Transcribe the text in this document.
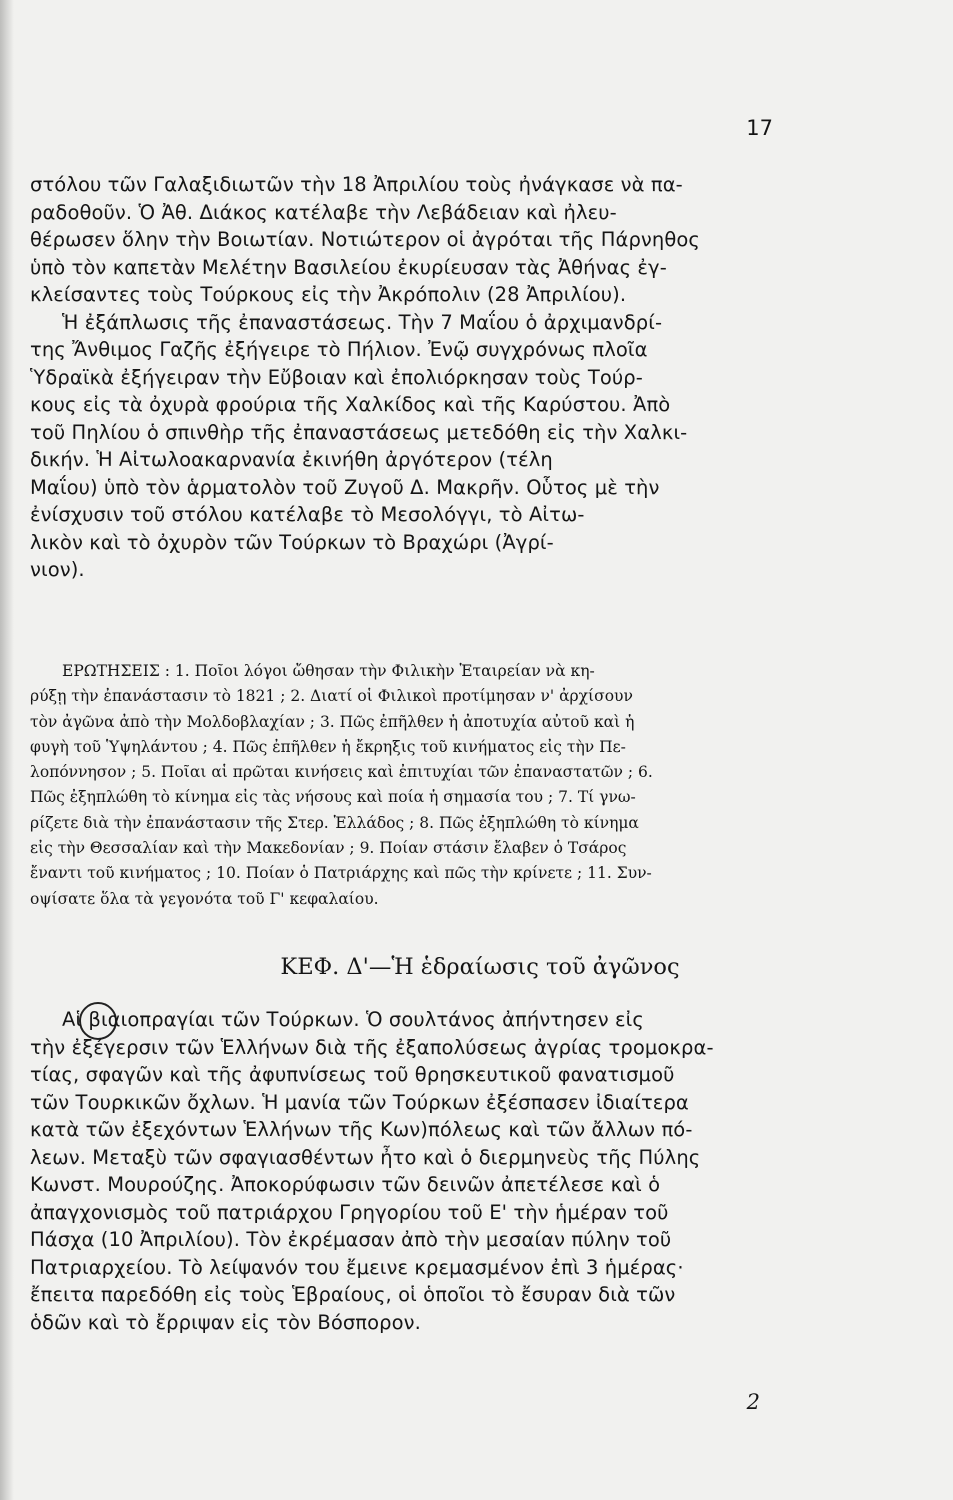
17
στόλου τῶν Γαλαξιδιωτῶν τὴν 18 Ἀπριλίου τοὺς ἠνάγκασε νὰ πα-
ραδοθοῦν. Ὁ Ἀθ. Διάκος κατέλαβε τὴν Λεβάδειαν καὶ ἠλευ-
θέρωσεν ὅλην τὴν Βοιωτίαν. Νοτιώτερον οἱ ἀγρόται τῆς Πάρνηθος
ὑπὸ τὸν καπετὰν Μελέτην Βασιλείου ἐκυρίευσαν τὰς Ἀθήνας ἐγ-
κλείσαντες τοὺς Τούρκους εἰς τὴν Ἀκρόπολιν (28 Ἀπριλίου).
Ἡ ἐξάπλωσις τῆς ἐπαναστάσεως. Τὴν 7 Μαΐου ὁ ἀρχιμανδρί-
της Ἄνθιμος Γαζῆς ἐξήγειρε τὸ Πήλιον. Ἐνῷ συγχρόνως πλοῖα
Ὑδραϊκὰ ἐξήγειραν τὴν Εὔβοιαν καὶ ἐπολιόρκησαν τοὺς Τούρ-
κους εἰς τὰ ὀχυρὰ φρούρια τῆς Χαλκίδος καὶ τῆς Καρύστου. Ἀπὸ
τοῦ Πηλίου ὁ σπινθὴρ τῆς ἐπαναστάσεως μετεδόθη εἰς τὴν Χαλκι-
δικήν. Ἡ Αἰτωλοακαρνανία ἐκινήθη ἀργότερον (τέλη
Μαΐου) ὑπὸ τὸν ἁρματολὸν τοῦ Ζυγοῦ Δ. Μακρῆν. Οὗτος μὲ τὴν
ἐνίσχυσιν τοῦ στόλου κατέλαβε τὸ Μεσολόγγι, τὸ Αἰτω-
λικὸν καὶ τὸ ὀχυρὸν τῶν Τούρκων τὸ Βραχώρι (Ἀγρί-
νιον).
ΕΡΩΤΗΣΕΙΣ : 1. Ποῖοι λόγοι ὤθησαν τὴν Φιλικὴν Ἑταιρείαν νὰ κη-
ρύξῃ τὴν ἐπανάστασιν τὸ 1821 ; 2. Διατί οἱ Φιλικοὶ προτίμησαν ν' ἀρχίσουν
τὸν ἀγῶνα ἀπὸ τὴν Μολδοβλαχίαν ; 3. Πῶς ἐπῆλθεν ἡ ἀποτυχία αὐτοῦ καὶ ἡ
φυγὴ τοῦ Ὑψηλάντου ; 4. Πῶς ἐπῆλθεν ἡ ἔκρηξις τοῦ κινήματος εἰς τὴν Πε-
λοπόννησον ; 5. Ποῖαι αἱ πρῶται κινήσεις καὶ ἐπιτυχίαι τῶν ἐπαναστατῶν ; 6.
Πῶς ἐξηπλώθη τὸ κίνημα εἰς τὰς νήσους καὶ ποία ἡ σημασία του ; 7. Τί γνω-
ρίζετε διὰ τὴν ἐπανάστασιν τῆς Στερ. Ἑλλάδος ; 8. Πῶς ἐξηπλώθη τὸ κίνημα
εἰς τὴν Θεσσαλίαν καὶ τὴν Μακεδονίαν ; 9. Ποίαν στάσιν ἔλαβεν ὁ Τσάρος
ἔναντι τοῦ κινήματος ; 10. Ποίαν ὁ Πατριάρχης καὶ πῶς τὴν κρίνετε ; 11. Συν-
οψίσατε ὅλα τὰ γεγονότα τοῦ Γ' κεφαλαίου.
ΚΕΦ. Δ'—Ἡ ἑδραίωσις τοῦ ἀγῶνος
Αἱ βιαιοπραγίαι τῶν Τούρκων. Ὁ σουλτάνος ἀπήντησεν εἰς
τὴν ἐξέγερσιν τῶν Ἑλλήνων διὰ τῆς ἐξαπολύσεως ἀγρίας τρομοκρα-
τίας, σφαγῶν καὶ τῆς ἀφυπνίσεως τοῦ θρησκευτικοῦ φανατισμοῦ
τῶν Τουρκικῶν ὄχλων. Ἡ μανία τῶν Τούρκων ἐξέσπασεν ἰδιαίτερα
κατὰ τῶν ἐξεχόντων Ἑλλήνων τῆς Κων)πόλεως καὶ τῶν ἄλλων πό-
λεων. Μεταξὺ τῶν σφαγιασθέντων ἦτο καὶ ὁ διερμηνεὺς τῆς Πύλης
Κωνστ. Μουρούζης. Ἀποκορύφωσιν τῶν δεινῶν ἀπετέλεσε καὶ ὁ
ἀπαγχονισμὸς τοῦ πατριάρχου Γρηγορίου τοῦ Ε' τὴν ἡμέραν τοῦ
Πάσχα (10 Ἀπριλίου). Τὸν ἐκρέμασαν ἀπὸ τὴν μεσαίαν πύλην τοῦ
Πατριαρχείου. Τὸ λείψανόν του ἔμεινε κρεμασμένον ἐπὶ 3 ἡμέρας·
ἔπειτα παρεδόθη εἰς τοὺς Ἑβραίους, οἱ ὁποῖοι τὸ ἔσυραν διὰ τῶν
ὁδῶν καὶ τὸ ἔρριψαν εἰς τὸν Βόσπορον.
2
